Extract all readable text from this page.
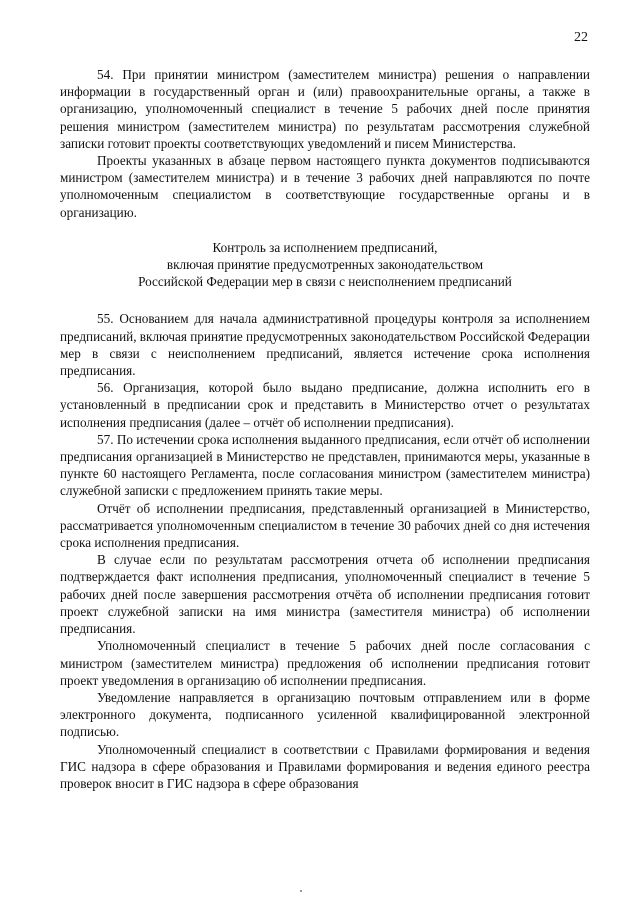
22

54. При принятии министром (заместителем министра) решения о направлении информации в государственный орган и (или) правоохранительные органы, а также в организацию, уполномоченный специалист в течение 5 рабочих дней после принятия решения министром (заместителем министра) по результатам рассмотрения служебной записки готовит проекты соответствующих уведомлений и писем Министерства.

Проекты указанных в абзаце первом настоящего пункта документов подписываются министром (заместителем министра) и в течение 3 рабочих дней направляются по почте уполномоченным специалистом в соответствующие государственные органы и в организацию.

Контроль за исполнением предписаний,
включая принятие предусмотренных законодательством
Российской Федерации мер в связи с неисполнением предписаний

55. Основанием для начала административной процедуры контроля за исполнением предписаний, включая принятие предусмотренных законодательством Российской Федерации мер в связи с неисполнением предписаний, является истечение срока исполнения предписания.

56. Организация, которой было выдано предписание, должна исполнить его в установленный в предписании срок и представить в Министерство отчет о результатах исполнения предписания (далее – отчёт об исполнении предписания).

57. По истечении срока исполнения выданного предписания, если отчёт об исполнении предписания организацией в Министерство не представлен, принимаются меры, указанные в пункте 60 настоящего Регламента, после согласования министром (заместителем министра) служебной записки с предложением принять такие меры.

Отчёт об исполнении предписания, представленный организацией в Министерство, рассматривается уполномоченным специалистом в течение 30 рабочих дней со дня истечения срока исполнения предписания.

В случае если по результатам рассмотрения отчета об исполнении предписания подтверждается факт исполнения предписания, уполномоченный специалист в течение 5 рабочих дней после завершения рассмотрения отчёта об исполнении предписания готовит проект служебной записки на имя министра (заместителя министра) об исполнении предписания.

Уполномоченный специалист в течение 5 рабочих дней после согласования с министром (заместителем министра) предложения об исполнении предписания готовит проект уведомления в организацию об исполнении предписания.

Уведомление направляется в организацию почтовым отправлением или в форме электронного документа, подписанного усиленной квалифицированной электронной подписью.

Уполномоченный специалист в соответствии с Правилами формирования и ведения ГИС надзора в сфере образования и Правилами формирования и ведения единого реестра проверок вносит в ГИС надзора в сфере образования
